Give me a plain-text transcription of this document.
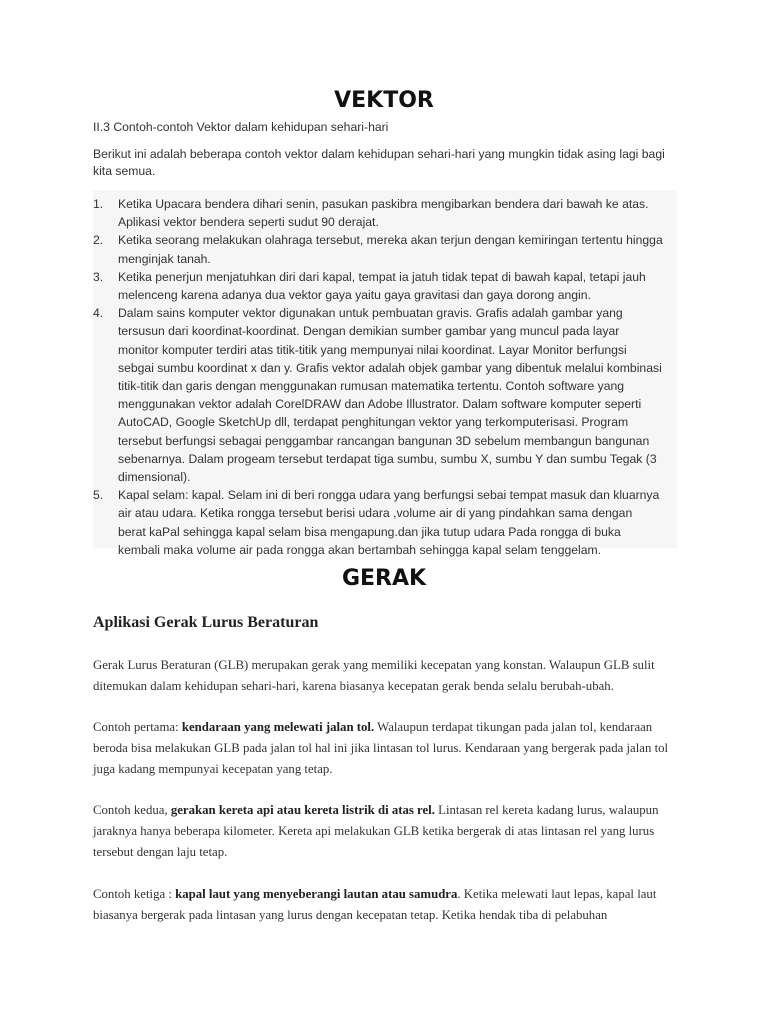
VEKTOR

II.3 Contoh-contoh Vektor dalam kehidupan sehari-hari

Berikut ini adalah beberapa contoh vektor dalam kehidupan sehari-hari yang mungkin tidak asing lagi bagi kita semua.

1. Ketika Upacara bendera dihari senin, pasukan paskibra mengibarkan bendera dari bawah ke atas. Aplikasi vektor bendera seperti sudut 90 derajat.
2. Ketika seorang melakukan olahraga tersebut, mereka akan terjun dengan kemiringan tertentu hingga menginjak tanah.
3. Ketika penerjun menjatuhkan diri dari kapal, tempat ia jatuh tidak tepat di bawah kapal, tetapi jauh melenceng karena adanya dua vektor gaya yaitu gaya gravitasi dan gaya dorong angin.
4. Dalam sains komputer vektor digunakan untuk pembuatan gravis. Grafis adalah gambar yang tersusun dari koordinat-koordinat. Dengan demikian sumber gambar yang muncul pada layar monitor komputer terdiri atas titik-titik yang mempunyai nilai koordinat. Layar Monitor berfungsi sebgai sumbu koordinat x dan y. Grafis vektor adalah objek gambar yang dibentuk melalui kombinasi titik-titik dan garis dengan menggunakan rumusan matematika tertentu. Contoh software yang menggunakan vektor adalah CorelDRAW dan Adobe Illustrator. Dalam software komputer seperti AutoCAD, Google SketchUp dll, terdapat penghitungan vektor yang terkomputerisasi. Program tersebut berfungsi sebagai penggambar rancangan bangunan 3D sebelum membangun bangunan sebenarnya. Dalam progeam tersebut terdapat tiga sumbu, sumbu X, sumbu Y dan sumbu Tegak (3 dimensional).
5. Kapal selam: kapal. Selam ini di beri rongga udara yang berfungsi sebai tempat masuk dan kluarnya air atau udara. Ketika rongga tersebut berisi udara ,volume air di yang pindahkan sama dengan berat kaPal sehingga kapal selam bisa mengapung.dan jika tutup udara Pada rongga di buka kembali maka volume air pada rongga akan bertambah sehingga kapal selam tenggelam.
GERAK
Aplikasi Gerak Lurus Beraturan

Gerak Lurus Beraturan (GLB) merupakan gerak yang memiliki kecepatan yang konstan. Walaupun GLB sulit ditemukan dalam kehidupan sehari-hari, karena biasanya kecepatan gerak benda selalu berubah-ubah.

Contoh pertama: kendaraan yang melewati jalan tol. Walaupun terdapat tikungan pada jalan tol, kendaraan beroda bisa melakukan GLB pada jalan tol hal ini jika lintasan tol lurus. Kendaraan yang bergerak pada jalan tol juga kadang mempunyai kecepatan yang tetap.

Contoh kedua, gerakan kereta api atau kereta listrik di atas rel. Lintasan rel kereta kadang lurus, walaupun jaraknya hanya beberapa kilometer. Kereta api melakukan GLB ketika bergerak di atas lintasan rel yang lurus tersebut dengan laju tetap.

Contoh ketiga : kapal laut yang menyeberangi lautan atau samudra. Ketika melewati laut lepas, kapal laut biasanya bergerak pada lintasan yang lurus dengan kecepatan tetap. Ketika hendak tiba di pelabuhan
